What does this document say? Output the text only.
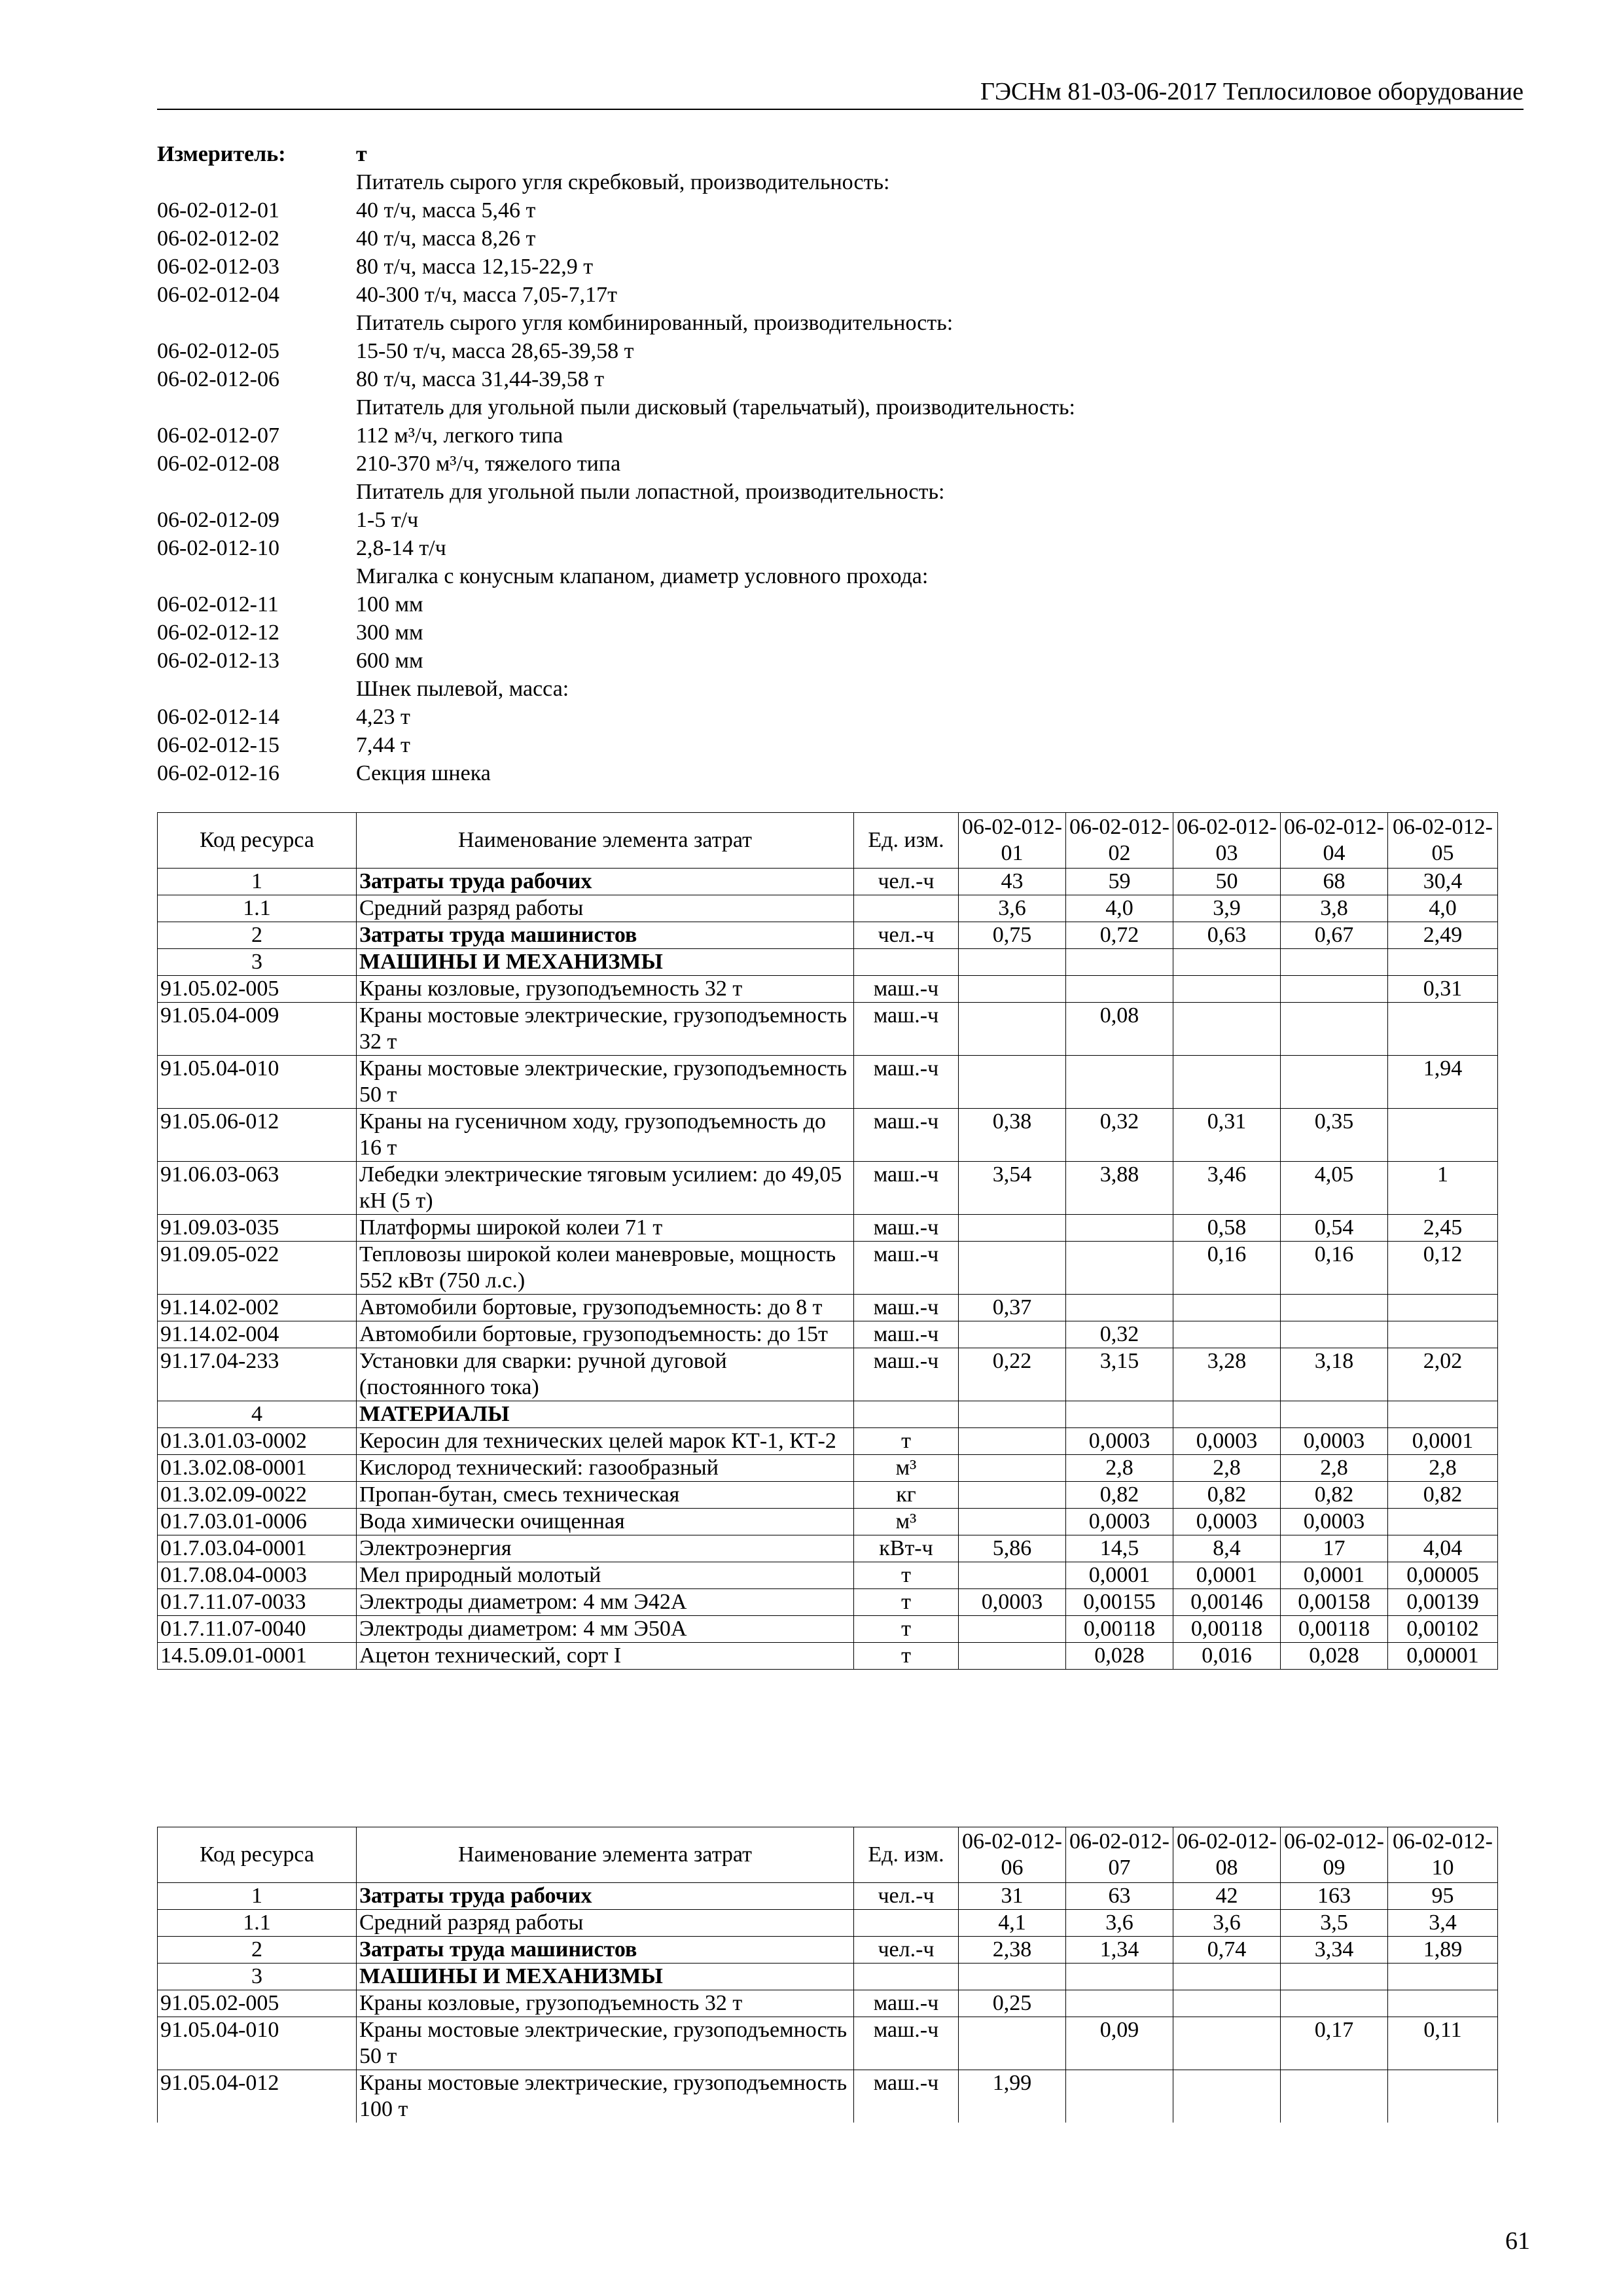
ГЭСНм 81-03-06-2017 Теплосиловое оборудование
Измеритель:	т
Питатель сырого угля скребковый, производительность:
06-02-012-01	40 т/ч, масса 5,46 т
06-02-012-02	40 т/ч, масса 8,26 т
06-02-012-03	80 т/ч, масса 12,15-22,9 т
06-02-012-04	40-300 т/ч, масса 7,05-7,17т
Питатель сырого угля комбинированный, производительность:
06-02-012-05	15-50 т/ч, масса 28,65-39,58 т
06-02-012-06	80 т/ч, масса 31,44-39,58 т
Питатель для угольной пыли дисковый (тарельчатый), производительность:
06-02-012-07	112 м³/ч, легкого типа
06-02-012-08	210-370 м³/ч, тяжелого типа
Питатель для угольной пыли лопастной, производительность:
06-02-012-09	1-5 т/ч
06-02-012-10	2,8-14 т/ч
Мигалка с конусным клапаном, диаметр условного прохода:
06-02-012-11	100 мм
06-02-012-12	300 мм
06-02-012-13	600 мм
Шнек пылевой, масса:
06-02-012-14	4,23 т
06-02-012-15	7,44 т
06-02-012-16	Секция шнека
Код ресурса	Наименование элемента затрат	Ед. изм.	06-02-012-01	06-02-012-02	06-02-012-03	06-02-012-04	06-02-012-05
1	Затраты труда рабочих	чел.-ч	43	59	50	68	30,4
1.1	Средний разряд работы		3,6	4,0	3,9	3,8	4,0
2	Затраты труда машинистов	чел.-ч	0,75	0,72	0,63	0,67	2,49
3	МАШИНЫ И МЕХАНИЗМЫ						
91.05.02-005	Краны козловые, грузоподъемность 32 т	маш.-ч					0,31
91.05.04-009	Краны мостовые электрические, грузоподъемность 32 т	маш.-ч		0,08			
91.05.04-010	Краны мостовые электрические, грузоподъемность 50 т	маш.-ч					1,94
91.05.06-012	Краны на гусеничном ходу, грузоподъемность до 16 т	маш.-ч	0,38	0,32	0,31	0,35	
91.06.03-063	Лебедки электрические тяговым усилием: до 49,05 кН (5 т)	маш.-ч	3,54	3,88	3,46	4,05	1
91.09.03-035	Платформы широкой колеи 71 т	маш.-ч			0,58	0,54	2,45
91.09.05-022	Тепловозы широкой колеи маневровые, мощность 552 кВт (750 л.с.)	маш.-ч			0,16	0,16	0,12
91.14.02-002	Автомобили бортовые, грузоподъемность: до 8 т	маш.-ч	0,37				
91.14.02-004	Автомобили бортовые, грузоподъемность: до 15т	маш.-ч		0,32			
91.17.04-233	Установки для сварки: ручной дуговой (постоянного тока)	маш.-ч	0,22	3,15	3,28	3,18	2,02
4	МАТЕРИАЛЫ						
01.3.01.03-0002	Керосин для технических целей марок КТ-1, КТ-2	т		0,0003	0,0003	0,0003	0,0001
01.3.02.08-0001	Кислород технический: газообразный	м³		2,8	2,8	2,8	2,8
01.3.02.09-0022	Пропан-бутан, смесь техническая	кг		0,82	0,82	0,82	0,82
01.7.03.01-0006	Вода химически очищенная	м³		0,0003	0,0003	0,0003	
01.7.03.04-0001	Электроэнергия	кВт-ч	5,86	14,5	8,4	17	4,04
01.7.08.04-0003	Мел природный молотый	т		0,0001	0,0001	0,0001	0,00005
01.7.11.07-0033	Электроды диаметром: 4 мм Э42А	т	0,0003	0,00155	0,00146	0,00158	0,00139
01.7.11.07-0040	Электроды диаметром: 4 мм Э50А	т		0,00118	0,00118	0,00118	0,00102
14.5.09.01-0001	Ацетон технический, сорт I	т		0,028	0,016	0,028	0,00001
Код ресурса	Наименование элемента затрат	Ед. изм.	06-02-012-06	06-02-012-07	06-02-012-08	06-02-012-09	06-02-012-10
1	Затраты труда рабочих	чел.-ч	31	63	42	163	95
1.1	Средний разряд работы		4,1	3,6	3,6	3,5	3,4
2	Затраты труда машинистов	чел.-ч	2,38	1,34	0,74	3,34	1,89
3	МАШИНЫ И МЕХАНИЗМЫ						
91.05.02-005	Краны козловые, грузоподъемность 32 т	маш.-ч	0,25				
91.05.04-010	Краны мостовые электрические, грузоподъемность 50 т	маш.-ч		0,09		0,17	0,11
91.05.04-012	Краны мостовые электрические, грузоподъемность 100 т	маш.-ч	1,99				
61
